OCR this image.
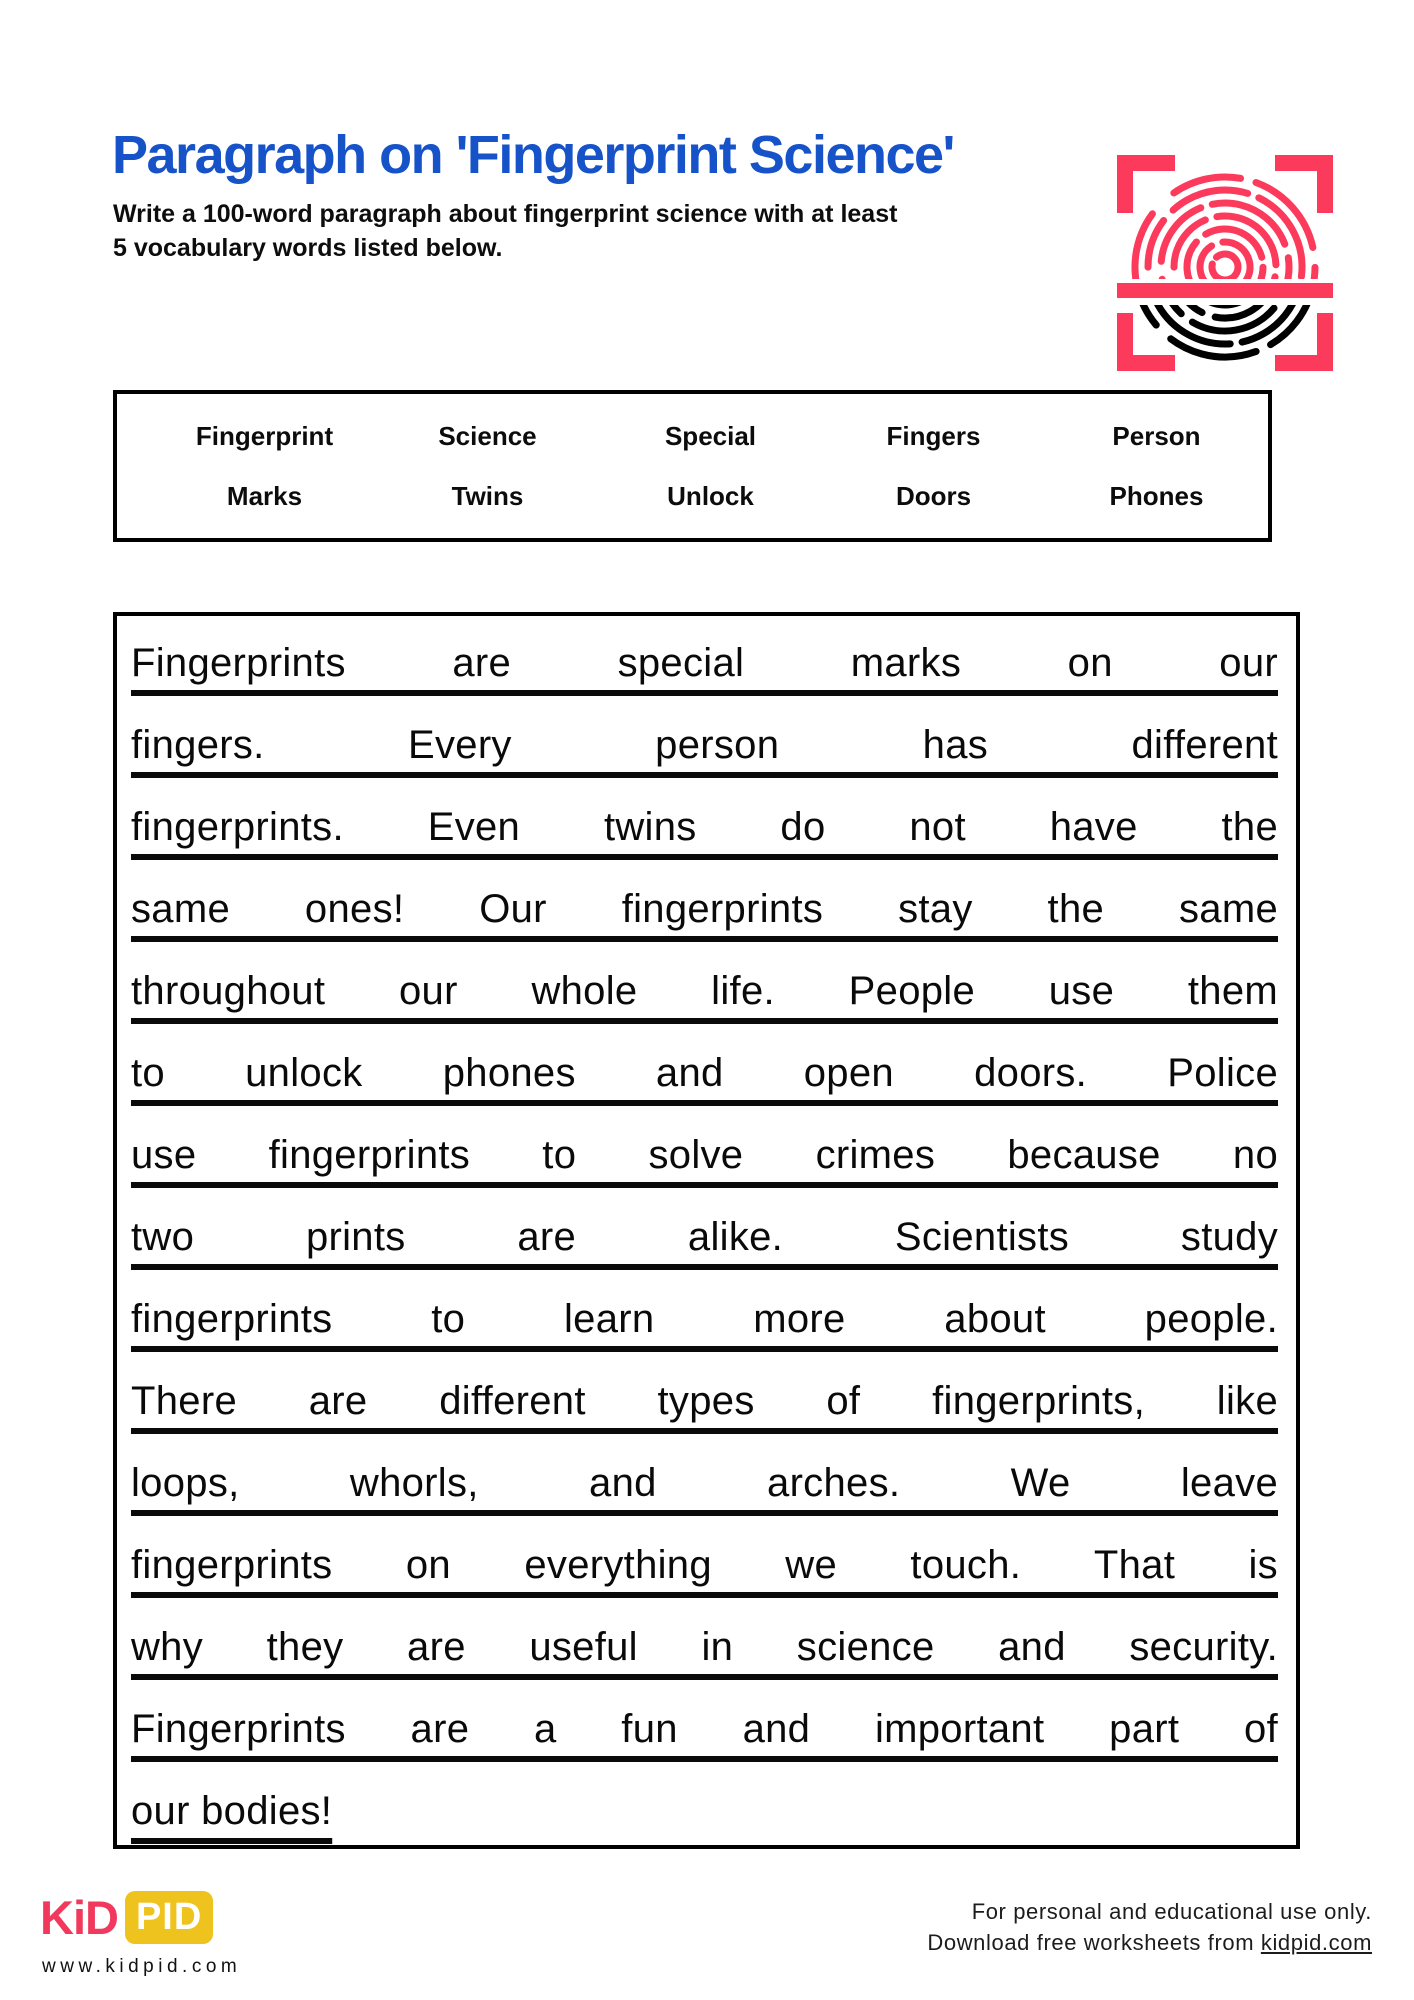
Paragraph on 'Fingerprint Science'
Write a 100-word paragraph about fingerprint science with at least
5 vocabulary words listed below.
Fingerprint	Science	Special	Fingers	Person
Marks	Twins	Unlock	Doors	Phones
Fingerprints are special marks on our
fingers. Every person has different
fingerprints. Even twins do not have the
same ones! Our fingerprints stay the same
throughout our whole life. People use them
to unlock phones and open doors. Police
use fingerprints to solve crimes because no
two prints are alike. Scientists study
fingerprints to learn more about people.
There are different types of fingerprints, like
loops, whorls, and arches. We leave
fingerprints on everything we touch. That is
why they are useful in science and security.
Fingerprints are a fun and important part of
our bodies!
KiD PID
www.kidpid.com
For personal and educational use only.
Download free worksheets from kidpid.com
